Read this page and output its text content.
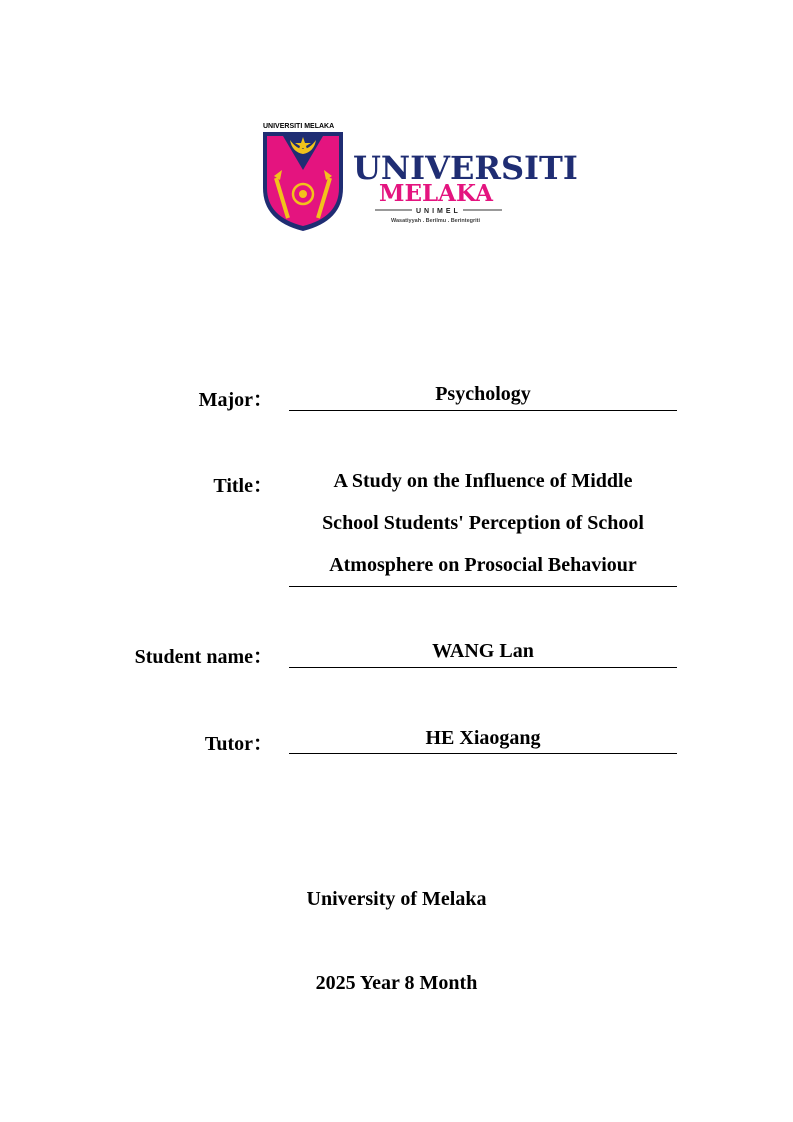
UNIVERSITI MELAKA
UNIVERSITI
MELAKA
UNIMEL
Wasatiyyah . Berilmu . Berintegriti
Major：	Psychology
Title：	A Study on the Influence of Middle
School Students' Perception of School
Atmosphere on Prosocial Behaviour
Student name：	WANG Lan
Tutor：	HE Xiaogang
University of Melaka
2025 Year 8 Month
